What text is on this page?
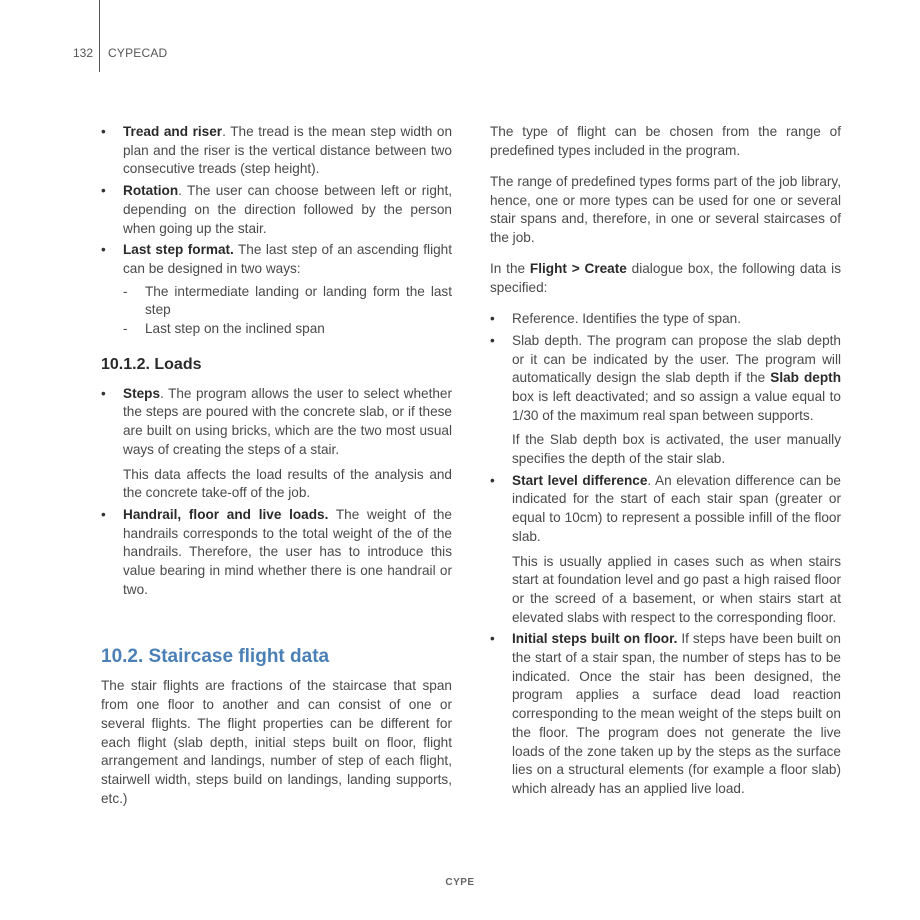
132 CYPECAD
• Tread and riser. The tread is the mean step width on plan and the riser is the vertical distance between two consecutive treads (step height).
• Rotation. The user can choose between left or right, depending on the direction followed by the person when going up the stair.
• Last step format. The last step of an ascending flight can be designed in two ways:
- The intermediate landing or landing form the last step
- Last step on the inclined span
10.1.2. Loads
• Steps. The program allows the user to select whether the steps are poured with the concrete slab, or if these are built on using bricks, which are the two most usual ways of creating the steps of a stair.

This data affects the load results of the analysis and the concrete take-off of the job.

• Handrail, floor and live loads. The weight of the handrails corresponds to the total weight of the of the handrails. Therefore, the user has to introduce this value bearing in mind whether there is one handrail or two.
10.2. Staircase flight data

The stair flights are fractions of the staircase that span from one floor to another and can consist of one or several flights. The flight properties can be different for each flight (slab depth, initial steps built on floor, flight arrangement and landings, number of step of each flight, stairwell width, steps build on landings, landing supports, etc.)

The type of flight can be chosen from the range of predefined types included in the program.

The range of predefined types forms part of the job library, hence, one or more types can be used for one or several stair spans and, therefore, in one or several staircases of the job.

In the Flight > Create dialogue box, the following data is specified:

• Reference. Identifies the type of span.
• Slab depth. The program can propose the slab depth or it can be indicated by the user. The program will automatically design the slab depth if the Slab depth box is left deactivated; and so assign a value equal to 1/30 of the maximum real span between supports.

If the Slab depth box is activated, the user manually specifies the depth of the stair slab.

• Start level difference. An elevation difference can be indicated for the start of each stair span (greater or equal to 10cm) to represent a possible infill of the floor slab.

This is usually applied in cases such as when stairs start at foundation level and go past a high raised floor or the screed of a basement, or when stairs start at elevated slabs with respect to the corresponding floor.

• Initial steps built on floor. If steps have been built on the start of a stair span, the number of steps has to be indicated. Once the stair has been designed, the program applies a surface dead load reaction corresponding to the mean weight of the steps built on the floor. The program does not generate the live loads of the zone taken up by the steps as the surface lies on a structural elements (for example a floor slab) which already has an applied live load.
CYPE
